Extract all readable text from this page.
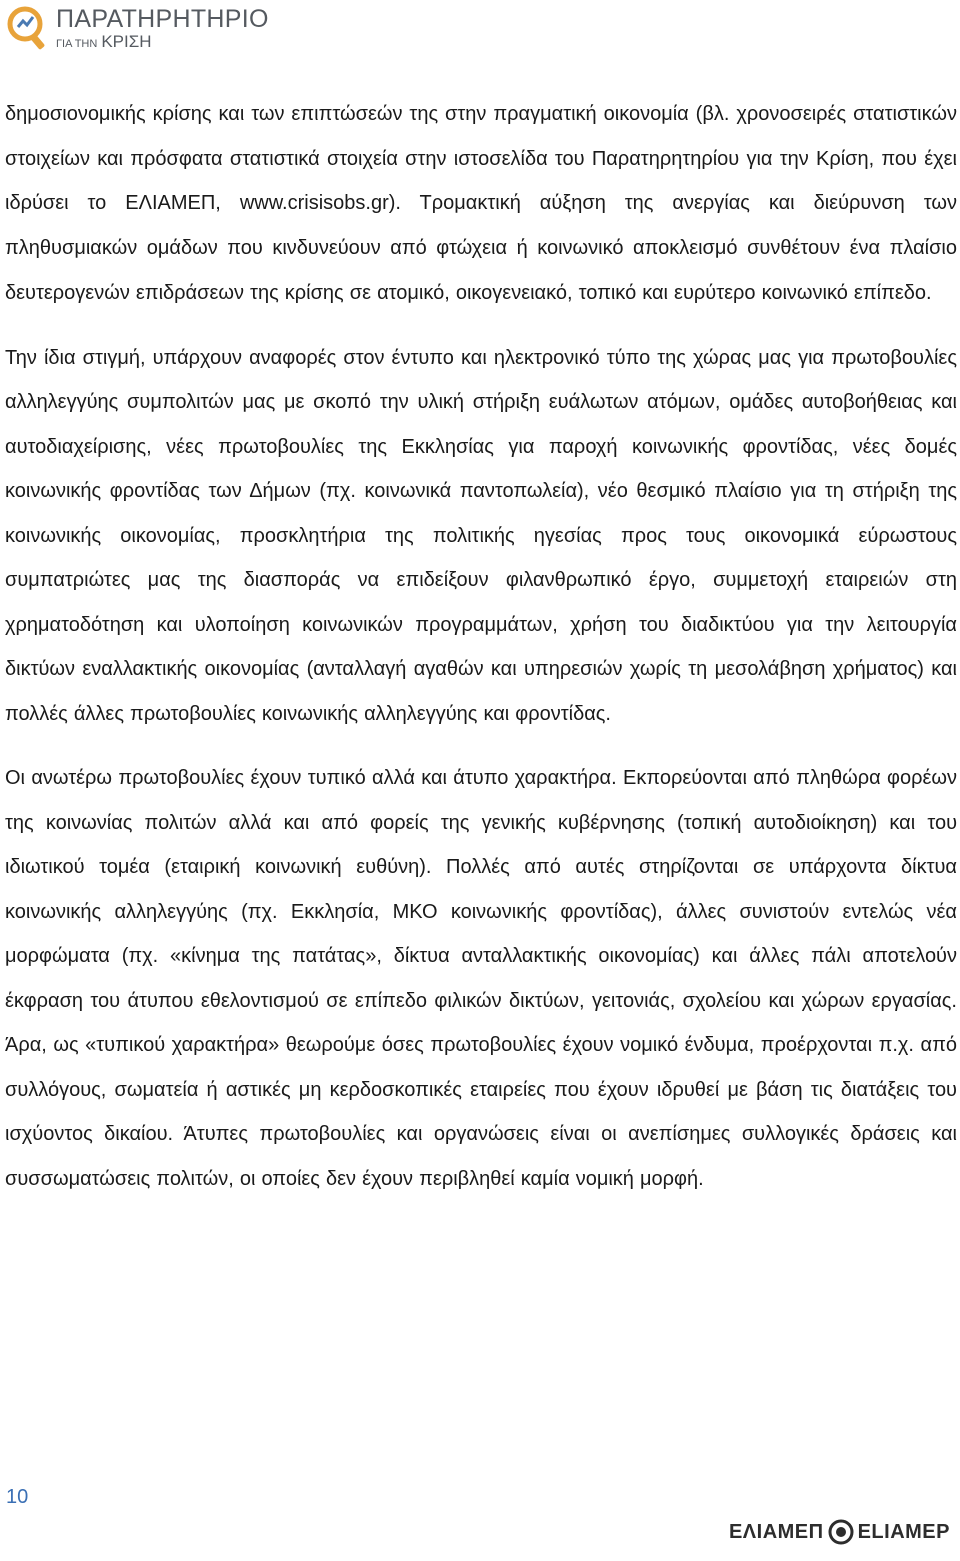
ΠΑΡΑΤΗΡΗΤΗΡΙΟ
ΓΙΑ ΤΗΝ ΚΡΙΣΗ

δημοσιονομικής κρίσης και των επιπτώσεών της στην πραγματική οικονομία (βλ. χρονοσειρές στατιστικών στοιχείων και πρόσφατα στατιστικά στοιχεία στην ιστοσελίδα του Παρατηρητηρίου για την Κρίση, που έχει ιδρύσει το ΕΛΙΑΜΕΠ, www.crisisobs.gr). Τρομακτική αύξηση της ανεργίας και διεύρυνση των πληθυσμιακών ομάδων που κινδυνεύουν από φτώχεια ή κοινωνικό αποκλεισμό συνθέτουν ένα πλαίσιο δευτερογενών επιδράσεων της κρίσης σε ατομικό, οικογενειακό, τοπικό και ευρύτερο κοινωνικό επίπεδο.

Την ίδια στιγμή, υπάρχουν αναφορές στον έντυπο και ηλεκτρονικό τύπο της χώρας μας για πρωτοβουλίες αλληλεγγύης συμπολιτών μας με σκοπό την υλική στήριξη ευάλωτων ατόμων, ομάδες αυτοβοήθειας και αυτοδιαχείρισης, νέες πρωτοβουλίες της Εκκλησίας για παροχή κοινωνικής φροντίδας, νέες δομές κοινωνικής φροντίδας των Δήμων (πχ. κοινωνικά παντοπωλεία), νέο θεσμικό πλαίσιο για τη στήριξη της κοινωνικής οικονομίας, προσκλητήρια της πολιτικής ηγεσίας προς τους οικονομικά εύρωστους συμπατριώτες μας της διασποράς να επιδείξουν φιλανθρωπικό έργο, συμμετοχή εταιρειών στη χρηματοδότηση και υλοποίηση κοινωνικών προγραμμάτων, χρήση του διαδικτύου για την λειτουργία δικτύων εναλλακτικής οικονομίας (ανταλλαγή αγαθών και υπηρεσιών χωρίς τη μεσολάβηση χρήματος) και πολλές άλλες πρωτοβουλίες κοινωνικής αλληλεγγύης και φροντίδας.

Οι ανωτέρω πρωτοβουλίες έχουν τυπικό αλλά και άτυπο χαρακτήρα. Εκπορεύονται από πληθώρα φορέων της κοινωνίας πολιτών αλλά και από φορείς της γενικής κυβέρνησης (τοπική αυτοδιοίκηση) και του ιδιωτικού τομέα (εταιρική κοινωνική ευθύνη). Πολλές από αυτές στηρίζονται σε υπάρχοντα δίκτυα κοινωνικής αλληλεγγύης (πχ. Εκκλησία, ΜΚΟ κοινωνικής φροντίδας), άλλες συνιστούν εντελώς νέα μορφώματα (πχ. «κίνημα της πατάτας», δίκτυα ανταλλακτικής οικονομίας) και άλλες πάλι αποτελούν έκφραση του άτυπου εθελοντισμού σε επίπεδο φιλικών δικτύων, γειτονιάς, σχολείου και χώρων εργασίας. Άρα, ως «τυπικού χαρακτήρα» θεωρούμε όσες πρωτοβουλίες έχουν νομικό ένδυμα, προέρχονται π.χ. από συλλόγους, σωματεία ή αστικές μη κερδοσκοπικές εταιρείες που έχουν ιδρυθεί με βάση τις διατάξεις του ισχύοντος δικαίου. Άτυπες πρωτοβουλίες και οργανώσεις είναι οι ανεπίσημες συλλογικές δράσεις και συσσωματώσεις πολιτών, οι οποίες δεν έχουν περιβληθεί καμία νομική μορφή.

10
ΕΛΙΑΜΕΠ ELIAMEP
